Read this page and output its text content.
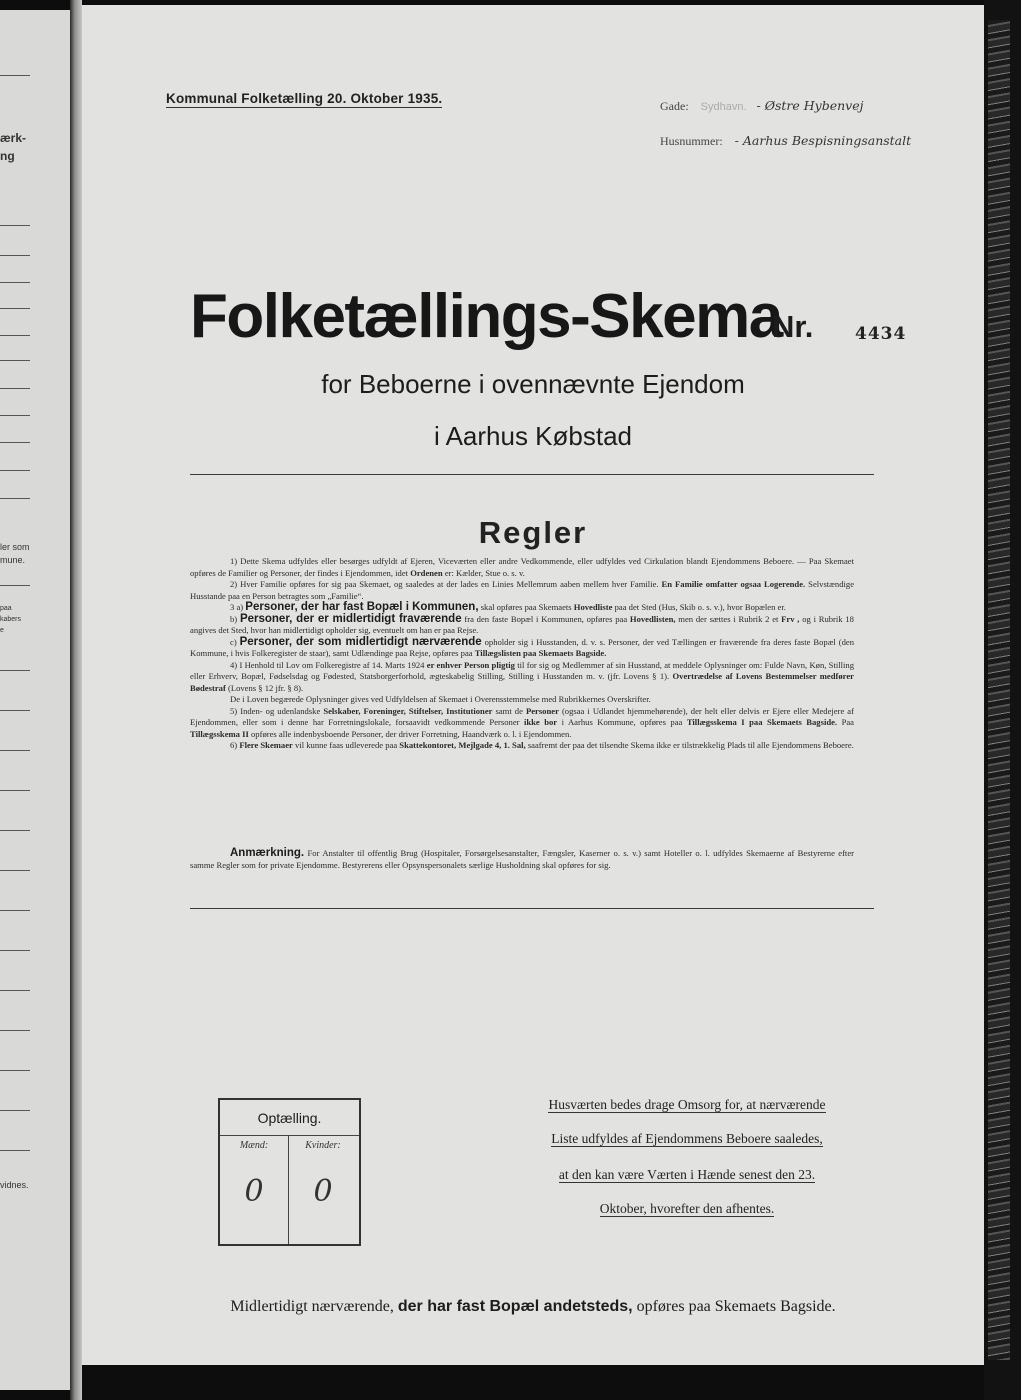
ærk-
ng
ler som
mune.
paa
kabers
e
vidnes.
Kommunal Folketælling 20. Oktober 1935.	Gade: Sydhavn. - Østre Hybenvej
Husnummer: - Aarhus Bespisningsanstalt
Folketællings-Skema
Nr. 4434
for Beboerne i ovennævnte Ejendom
i Aarhus Købstad
Regler

1) Dette Skema udfyldes eller besørges udfyldt af Ejeren, Viceværten eller andre Vedkommende, eller udfyldes ved Cirkulation blandt Ejendommens Beboere. — Paa Skemaet opføres de Familier og Personer, der findes i Ejendommen, idet Ordenen er: Kælder, Stue o. s. v.

2) Hver Familie opføres for sig paa Skemaet, og saaledes at der lades en Linies Mellemrum aaben mellem hver Familie. En Familie omfatter ogsaa Logerende. Selvstændige Husstande paa en Person betragtes som „Familie“.

3 a) Personer, der har fast Bopæl i Kommunen, skal opføres paa Skemaets Hovedliste paa det Sted (Hus, Skib o. s. v.), hvor Bopælen er.

b) Personer, der er midlertidigt fraværende fra den faste Bopæl i Kommunen, opføres paa Hovedlisten, men der sættes i Rubrik 2 et Frv , og i Rubrik 18 angives det Sted, hvor han midlertidigt opholder sig, eventuelt om han er paa Rejse.

c) Personer, der som midlertidigt nærværende opholder sig i Husstanden, d. v. s. Personer, der ved Tællingen er fraværende fra deres faste Bopæl (den Kommune, i hvis Folkeregister de staar), samt Udlændinge paa Rejse, opføres paa Tillægslisten paa Skemaets Bagside.

4) I Henhold til Lov om Folkeregistre af 14. Marts 1924 er enhver Person pligtig til for sig og Medlemmer af sin Husstand, at meddele Oplysninger om: Fulde Navn, Køn, Stilling eller Erhverv, Bopæl, Fødselsdag og Fødested, Statsborgerforhold, ægteskabelig Stilling, Stilling i Husstanden m. v. (jfr. Lovens § 1). Overtrædelse af Lovens Bestemmelser medfører Bødestraf (Lovens § 12 jfr. § 8).

De i Loven begærede Oplysninger gives ved Udfyldelsen af Skemaet i Overensstemmelse med Rubrikkernes Overskrifter.

5) Inden- og udenlandske Selskaber, Foreninger, Stiftelser, Institutioner samt de Personer (ogsaa i Udlandet hjemmehørende), der helt eller delvis er Ejere eller Medejere af Ejendommen, eller som i denne har Forretningslokale, forsaavidt vedkommende Personer ikke bor i Aarhus Kommune, opføres paa Tillægsskema I paa Skemaets Bagside. Paa Tillægsskema II opføres alle indenbysboende Personer, der driver Forretning, Haandværk o. l. i Ejendommen.

6) Flere Skemaer vil kunne faas udleverede paa Skattekontoret, Mejlgade 4, 1. Sal, saafremt der paa det tilsendte Skema ikke er tilstrækkelig Plads til alle Ejendommens Beboere.

Anmærkning. For Anstalter til offentlig Brug (Hospitaler, Forsørgelsesanstalter, Fængsler, Kaserner o. s. v.) samt Hoteller o. l. udfyldes Skemaerne af Bestyrerne efter samme Regler som for private Ejendomme. Bestyrerens eller Opsynspersonalets særlige Husholdning skal opføres for sig.
Optælling.
Mænd:	Kvinder:
0	0
Husværten bedes drage Omsorg for, at nærværende
Liste udfyldes af Ejendommens Beboere saaledes,
at den kan være Værten i Hænde senest den 23.
Oktober, hvorefter den afhentes.
Midlertidigt nærværende, der har fast Bopæl andetsteds, opføres paa Skemaets Bagside.
